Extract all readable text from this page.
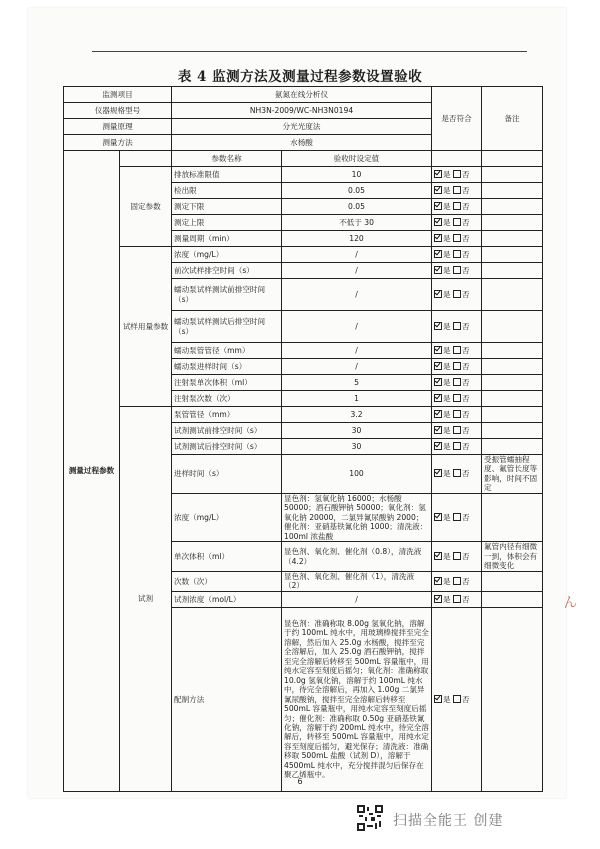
表 4 监测方法及测量过程参数设置验收
监测项目		氨氮在线分析仪		是否符合	备注
仪器规格型号		NH3N-2009/WC-NH3N0194			
测量原理		分光光度法			
测量方法		水杨酸			
测量过程参数		参数名称	验收时设定值		
	固定参数	排放标准限值	10	是 否	
		检出限	0.05	是 否	
		测定下限	0.05	是 否	
		测定上限	不低于 30	是 否	
		测量周期（min）	120	是 否	
	试样用量参数	浓度（mg/L）	/	是 否	
		前次试样排空时间（s）	/	是 否	
		蠕动泵试样测试前排空时间（s）	/	是 否	
		蠕动泵试样测试后排空时间（s）	/	是 否	
		蠕动泵管管径（mm）	/	是 否	
		蠕动泵进样时间（s）	/	是 否	
		注射泵单次体积（ml）	5	是 否	
		注射泵次数（次）	1	是 否	
	试剂	泵管管径（mm）	3.2	是 否	
		试剂测试前排空时间（s）	30	是 否	
		试剂测试后排空时间（s）	30	是 否	
		进样时间（s）	100	是 否	受振管蠕抽程度、氟管长度等影响，时间不固定
		浓度（mg/L）	显色剂：氢氧化钠 16000；水杨酸 50000；酒石酸钾钠 50000；氧化剂：氢氧化钠 20000，二氯异氰尿酸钠 2000；催化剂：亚硝基铁氰化钠 1000；清洗液：100ml 浓盐酸	是 否	
		单次体积（ml）	显色剂、氧化剂、催化剂（0.8），清洗液（4.2）	是 否	氟管内径有细微一到，体积会有细微变化
		次数（次）	显色剂、氧化剂、催化剂（1），清洗液（2）	是 否	
		试剂浓度（mol/L）	/	是 否	
		配制方法	显色剂：准确称取 8.00g 氢氧化钠，溶解于约 100mL 纯水中，用玻璃棒搅拌至完全溶解，然后加入 25.0g 水杨酸，搅拌至完全溶解后，加入 25.0g 酒石酸钾钠，搅拌至完全溶解后转移至 500mL 容量瓶中，用纯水定容至刻度后摇匀；氧化剂：准确称取 10.0g 氢氧化钠，溶解于约 100mL 纯水中，待完全溶解后，再加入 1.00g 二氯异氰尿酸钠，搅拌至完全溶解后转移至 500mL 容量瓶中，用纯水定容至刻度后摇匀；催化剂：准确称取 0.50g 亚硝基铁氰化钠，溶解于约 200mL 纯水中，待完全溶解后，转移至 500mL 容量瓶中，用纯水定容至刻度后摇匀，避光保存；清洗液：准确移取 500mL 盐酸（试剂 D），溶解于 4500mL 纯水中，充分搅拌混匀后保存在聚乙烯瓶中。	是 否	
ん
6
扫描全能王 创建
